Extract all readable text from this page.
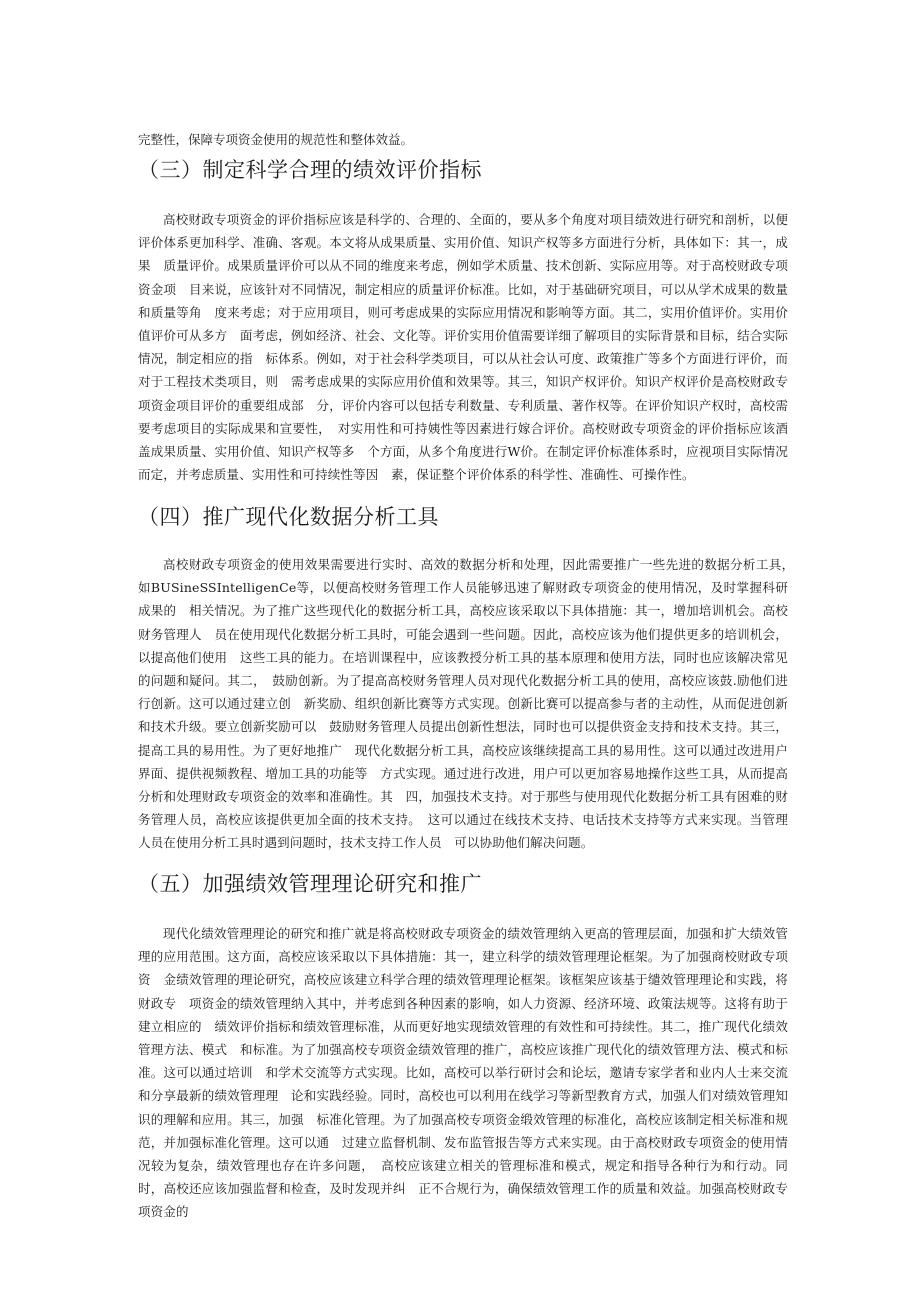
完整性，保障专项资金使用的规范性和整体效益。

（三）制定科学合理的绩效评价指标

高校财政专项资金的评价指标应该是科学的、合理的、全面的，要从多个角度对项目绩效进行研究和剖析，以便　评价体系更加科学、准确、客观。本文将从成果质量、实用价值、知识产权等多方面进行分析，具体如下：其一，成果　质量评价。成果质量评价可以从不同的维度来考虑，例如学术质量、技术创新、实际应用等。对于高校财政专项资金项　目来说，应该针对不同情况，制定相应的质量评价标准。比如，对于基础研究项目，可以从学术成果的数量和质量等角　度来考虑；对于应用项目，则可考虑成果的实际应用情况和影响等方面。其二，实用价值评价。实用价值评价可从多方　面考虑，例如经济、社会、文化等。评价实用价值需要详细了解项目的实际背景和目标，结合实际情况，制定相应的指　标体系。例如，对于社会科学类项目，可以从社会认可度、政策推广等多个方面进行评价，而对于工程技术类项目，则　需考虑成果的实际应用价值和效果等。其三，知识产权评价。知识产权评价是高校财政专项资金项目评价的重要组成部　分，评价内容可以包括专利数量、专利质量、著作权等。在评价知识产权时，高校需要考虑项目的实际成果和宣要性，　对实用性和可持姨性等因素进行嫁合评价。高校财政专项资金的评价指标应该酒盖成果质量、实用价值、知识产权等多　个方面，从多个角度进行W价。在制定评价标准体系时，应视项目实际情况而定，并考虑质量、实用性和可持续性等因　素，保证整个评价体系的科学性、准确性、可操作性。

（四）推广现代化数据分析工具

高校财政专项资金的使用效果需要进行实时、高效的数据分析和处理，因此需要推广一些先进的数据分析工具，　　　如BUSineSSIntelligenCe等，以便高校财务管理工作人员能够迅速了解财政专项资金的使用情况，及时掌握科研成果的　相关情况。为了推广这些现代化的数据分析工具，高校应该采取以下具体措施：其一，增加培训机会。高校财务管理人　员在使用现代化数据分析工具时，可能会遇到一些问题。因此，高校应该为他们提供更多的培训机会，以提高他们使用　这些工具的能力。在培训课程中，应该教授分析工具的基本原理和使用方法，同时也应该解决常见的问题和疑问。其二，　鼓励创新。为了提高高校财务管理人员对现代化数据分析工具的使用，高校应该鼓.励他们进行创新。这可以通过建立创　新奖励、组织创新比赛等方式实现。创新比赛可以提高参与者的主动性，从而促进创新和技术升级。要立创新奖励可以　鼓励财务管理人员提出创新性想法，同时也可以提供资金支持和技术支持。其三，提高工具的易用性。为了更好地推广　现代化数据分析工具，高校应该继续提高工具的易用性。这可以通过改进用户界面、提供视频教程、增加工具的功能等　方式实现。通过进行改进，用户可以更加容易地操作这些工具，从而提高分析和处理财政专项资金的效率和准确性。其　四，加强技术支持。对于那些与使用现代化数据分析工具有困难的财务管理人员，高校应该提供更加全面的技术支持。　这可以通过在线技术支持、电话技术支持等方式来实现。当管理人员在使用分析工具时遇到问题时，技术支持工作人员　可以协助他们解决问题。

（五）加强绩效管理理论研究和推广

现代化绩效管理理论的研究和推广就是将高校财政专项资金的绩效管理纳入更高的管理层面，加强和扩大绩效管　理的应用范围。这方面，高校应该采取以下具体措施：其一，建立科学的绩效管理理论框架。为了加强商校财政专项资　金绩效管理的理论研究，高校应该建立科学合理的绩效管理理论框架。该框架应该基于缱效管理理论和实践，将财政专　项资金的绩效管理纳入其中，并考虑到各种因素的影响，如人力资源、经济环境、政策法规等。这将有助于建立相应的　绩效评价指标和绩效管理标准，从而更好地实现绩效管理的有效性和可持续性。其二，推广现代化绩效管理方法、模式　和标准。为了加强高校专项资金绩效管理的推广，高校应该推广现代化的绩效管理方法、模式和标准。这可以通过培训　和学术交流等方式实现。比如，高校可以举行研讨会和论坛，邀请专家学者和业内人士来交流和分享最新的绩效管理理　论和实践经验。同时，高校也可以利用在线学习等新型教育方式，加强人们对绩效管理知识的理解和应用。其三，加强　标准化管理。为了加强高校专项资金缎效管理的标准化，高校应该制定相关标准和规范，并加强标准化管理。这可以通　过建立监督机制、发布监管报告等方式来实现。由于高校财政专项资金的使用情况较为复杂，绩效管理也存在许多问题，　高校应该建立相关的管理标准和模式，规定和指导各种行为和行动。同时，高校还应该加强监督和检查，及时发现并纠　正不合规行为，确保绩效管理工作的质量和效益。加强高校财政专项资金的
